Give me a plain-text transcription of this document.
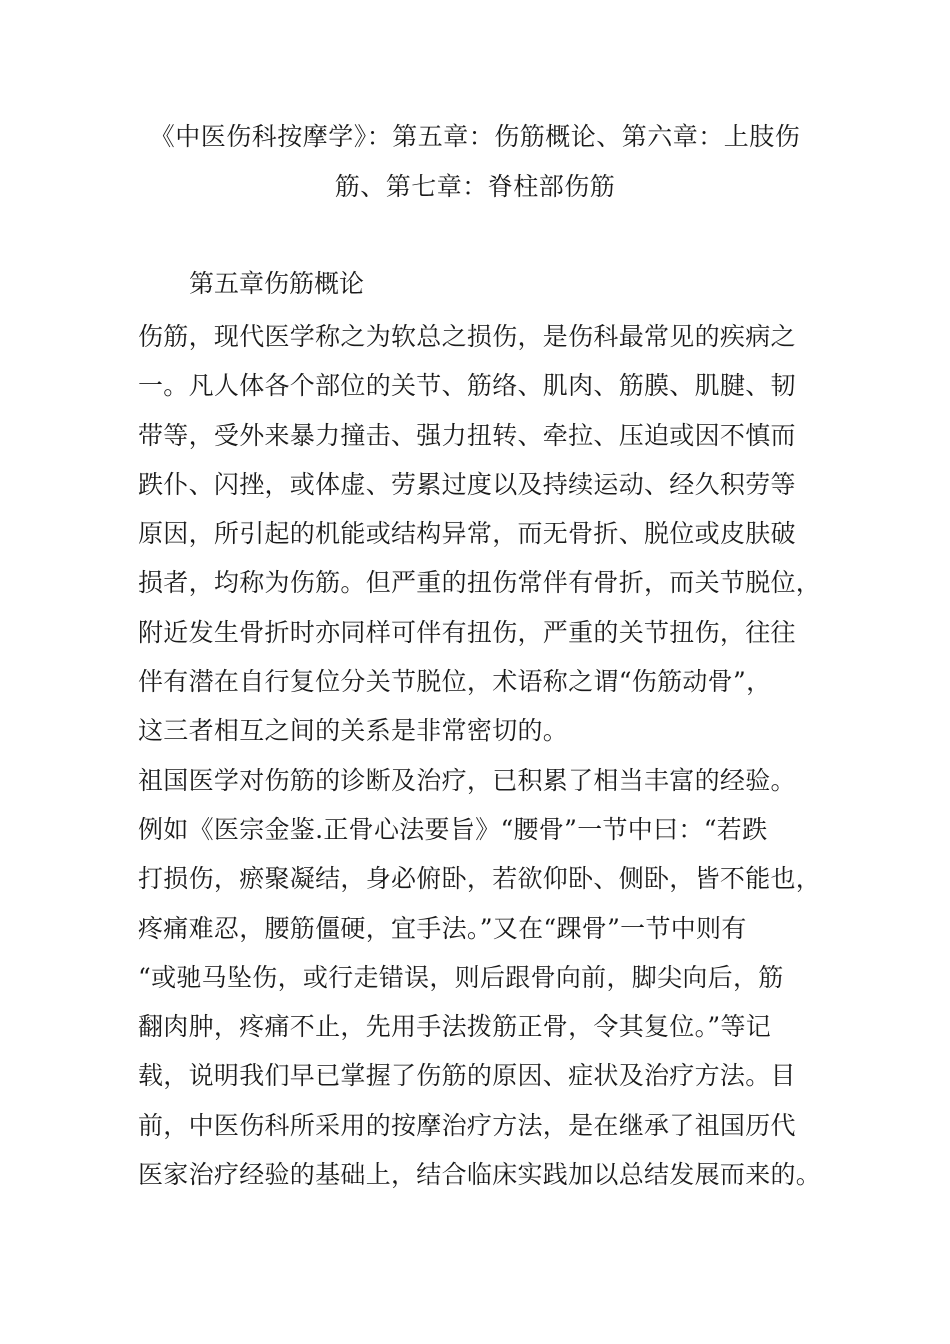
《中医伤科按摩学》：第五章：伤筋概论、第六章：上肢伤
筋、第七章：脊柱部伤筋
第五章伤筋概论
伤筋，现代医学称之为软总之损伤，是伤科最常见的疾病之
一。凡人体各个部位的关节、筋络、肌肉、筋膜、肌腱、韧
带等，受外来暴力撞击、强力扭转、牵拉、压迫或因不慎而
跌仆、闪挫，或体虚、劳累过度以及持续运动、经久积劳等
原因，所引起的机能或结构异常，而无骨折、脱位或皮肤破
损者，均称为伤筋。但严重的扭伤常伴有骨折，而关节脱位，
附近发生骨折时亦同样可伴有扭伤，严重的关节扭伤，往往
伴有潜在自行复位分关节脱位，术语称之谓“伤筋动骨”，
这三者相互之间的关系是非常密切的。
祖国医学对伤筋的诊断及治疗，已积累了相当丰富的经验。
例如《医宗金鉴.正骨心法要旨》“腰骨”一节中曰：“若跌
打损伤，瘀聚凝结，身必俯卧，若欲仰卧、侧卧，皆不能也，
疼痛难忍，腰筋僵硬，宜手法。”又在“踝骨”一节中则有
“或驰马坠伤，或行走错误，则后跟骨向前，脚尖向后，筋
翻肉肿，疼痛不止，先用手法拨筋正骨，令其复位。”等记
载，说明我们早已掌握了伤筋的原因、症状及治疗方法。目
前，中医伤科所采用的按摩治疗方法，是在继承了祖国历代
医家治疗经验的基础上，结合临床实践加以总结发展而来的。
